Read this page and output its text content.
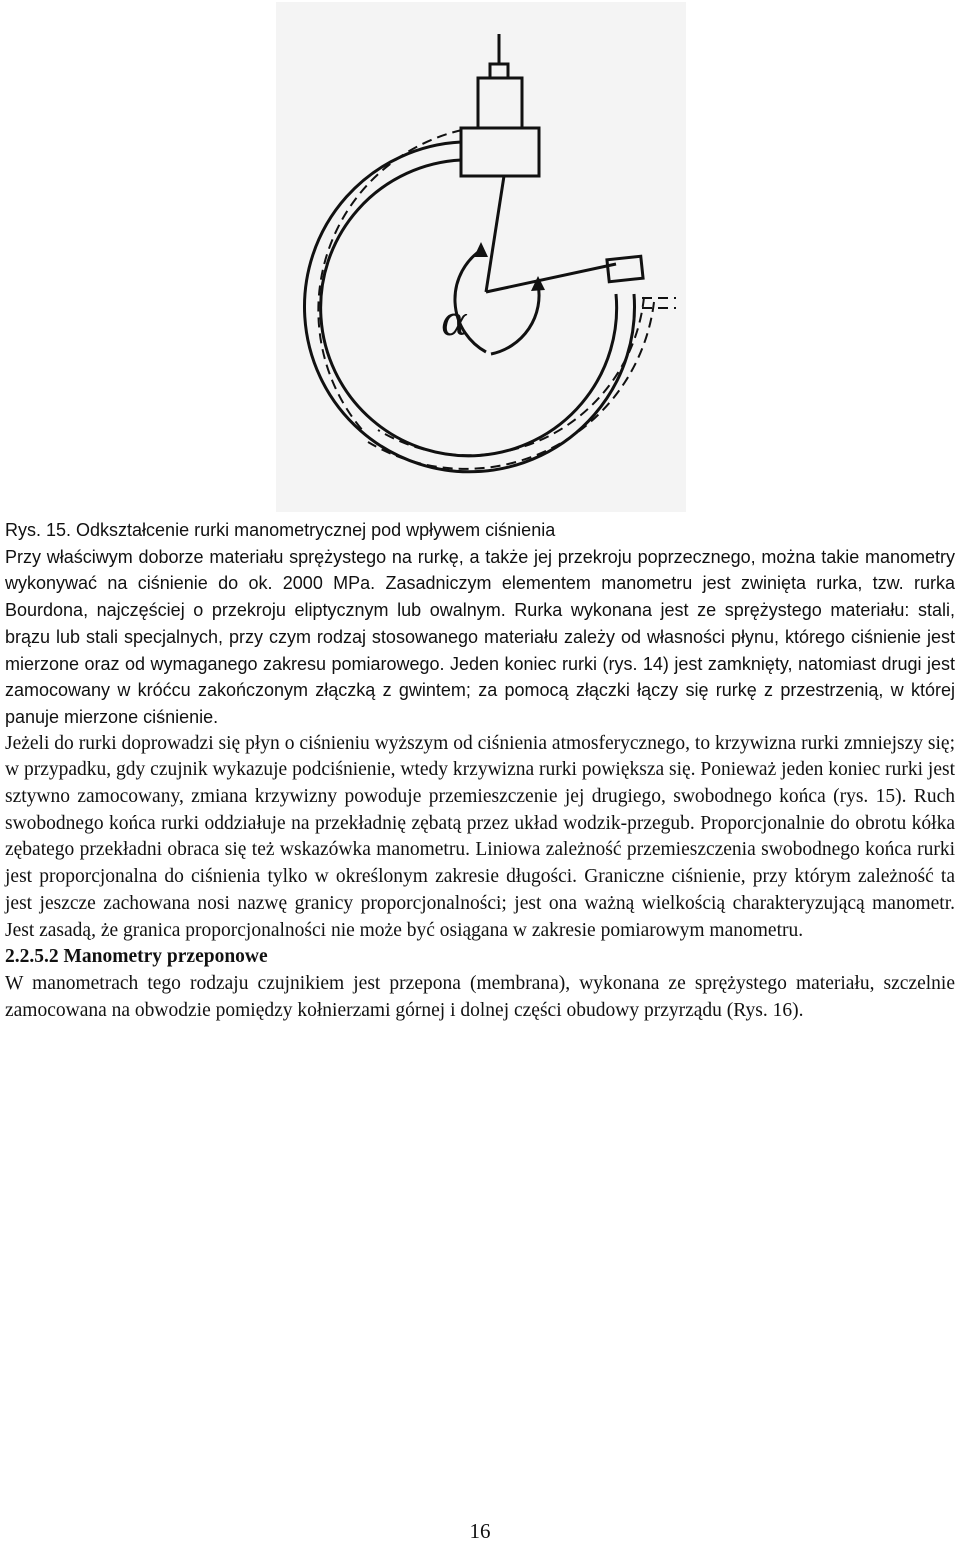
α

Rys. 15. Odkształcenie rurki manometrycznej pod wpływem ciśnienia

Przy właściwym doborze materiału sprężystego na rurkę, a także jej przekroju poprzecznego, można takie manometry wykonywać na ciśnienie do ok. 2000 MPa. Zasadniczym elementem manometru jest zwinięta rurka, tzw. rurka Bourdona, najczęściej o przekroju eliptycznym lub owalnym. Rurka wykonana jest ze sprężystego materiału: stali, brązu lub stali specjalnych, przy czym rodzaj stosowanego materiału zależy od własności płynu, którego ciśnienie jest mierzone oraz od wymaganego zakresu pomiarowego. Jeden koniec rurki (rys. 14) jest zamknięty, natomiast drugi jest zamocowany w króćcu zakończonym złączką z gwintem; za pomocą złączki łączy się rurkę z przestrzenią, w której panuje mierzone ciśnienie.

Jeżeli do rurki doprowadzi się płyn o ciśnieniu wyższym od ciśnienia atmosferycznego, to krzywizna rurki zmniejszy się; w przypadku, gdy czujnik wykazuje podciśnienie, wtedy krzywizna rurki powiększa się. Ponieważ jeden koniec rurki jest sztywno zamocowany, zmiana krzywizny powoduje przemieszczenie jej drugiego, swobodnego końca (rys. 15). Ruch swobodnego końca rurki oddziałuje na przekładnię zębatą przez układ wodzik-przegub. Proporcjonalnie do obrotu kółka zębatego przekładni obraca się też wskazówka manometru. Liniowa zależność przemieszczenia swobodnego końca rurki jest proporcjonalna do ciśnienia tylko w określonym zakresie długości. Graniczne ciśnienie, przy którym zależność ta jest jeszcze zachowana nosi nazwę granicy proporcjonalności; jest ona ważną wielkością charakteryzującą manometr. Jest zasadą, że granica proporcjonalności nie może być osiągana w zakresie pomiarowym manometru.

2.2.5.2 Manometry przeponowe

W manometrach tego rodzaju czujnikiem jest przepona (membrana), wykonana ze sprężystego materiału, szczelnie zamocowana na obwodzie pomiędzy kołnierzami górnej i dolnej części obudowy przyrządu (Rys. 16).

16
